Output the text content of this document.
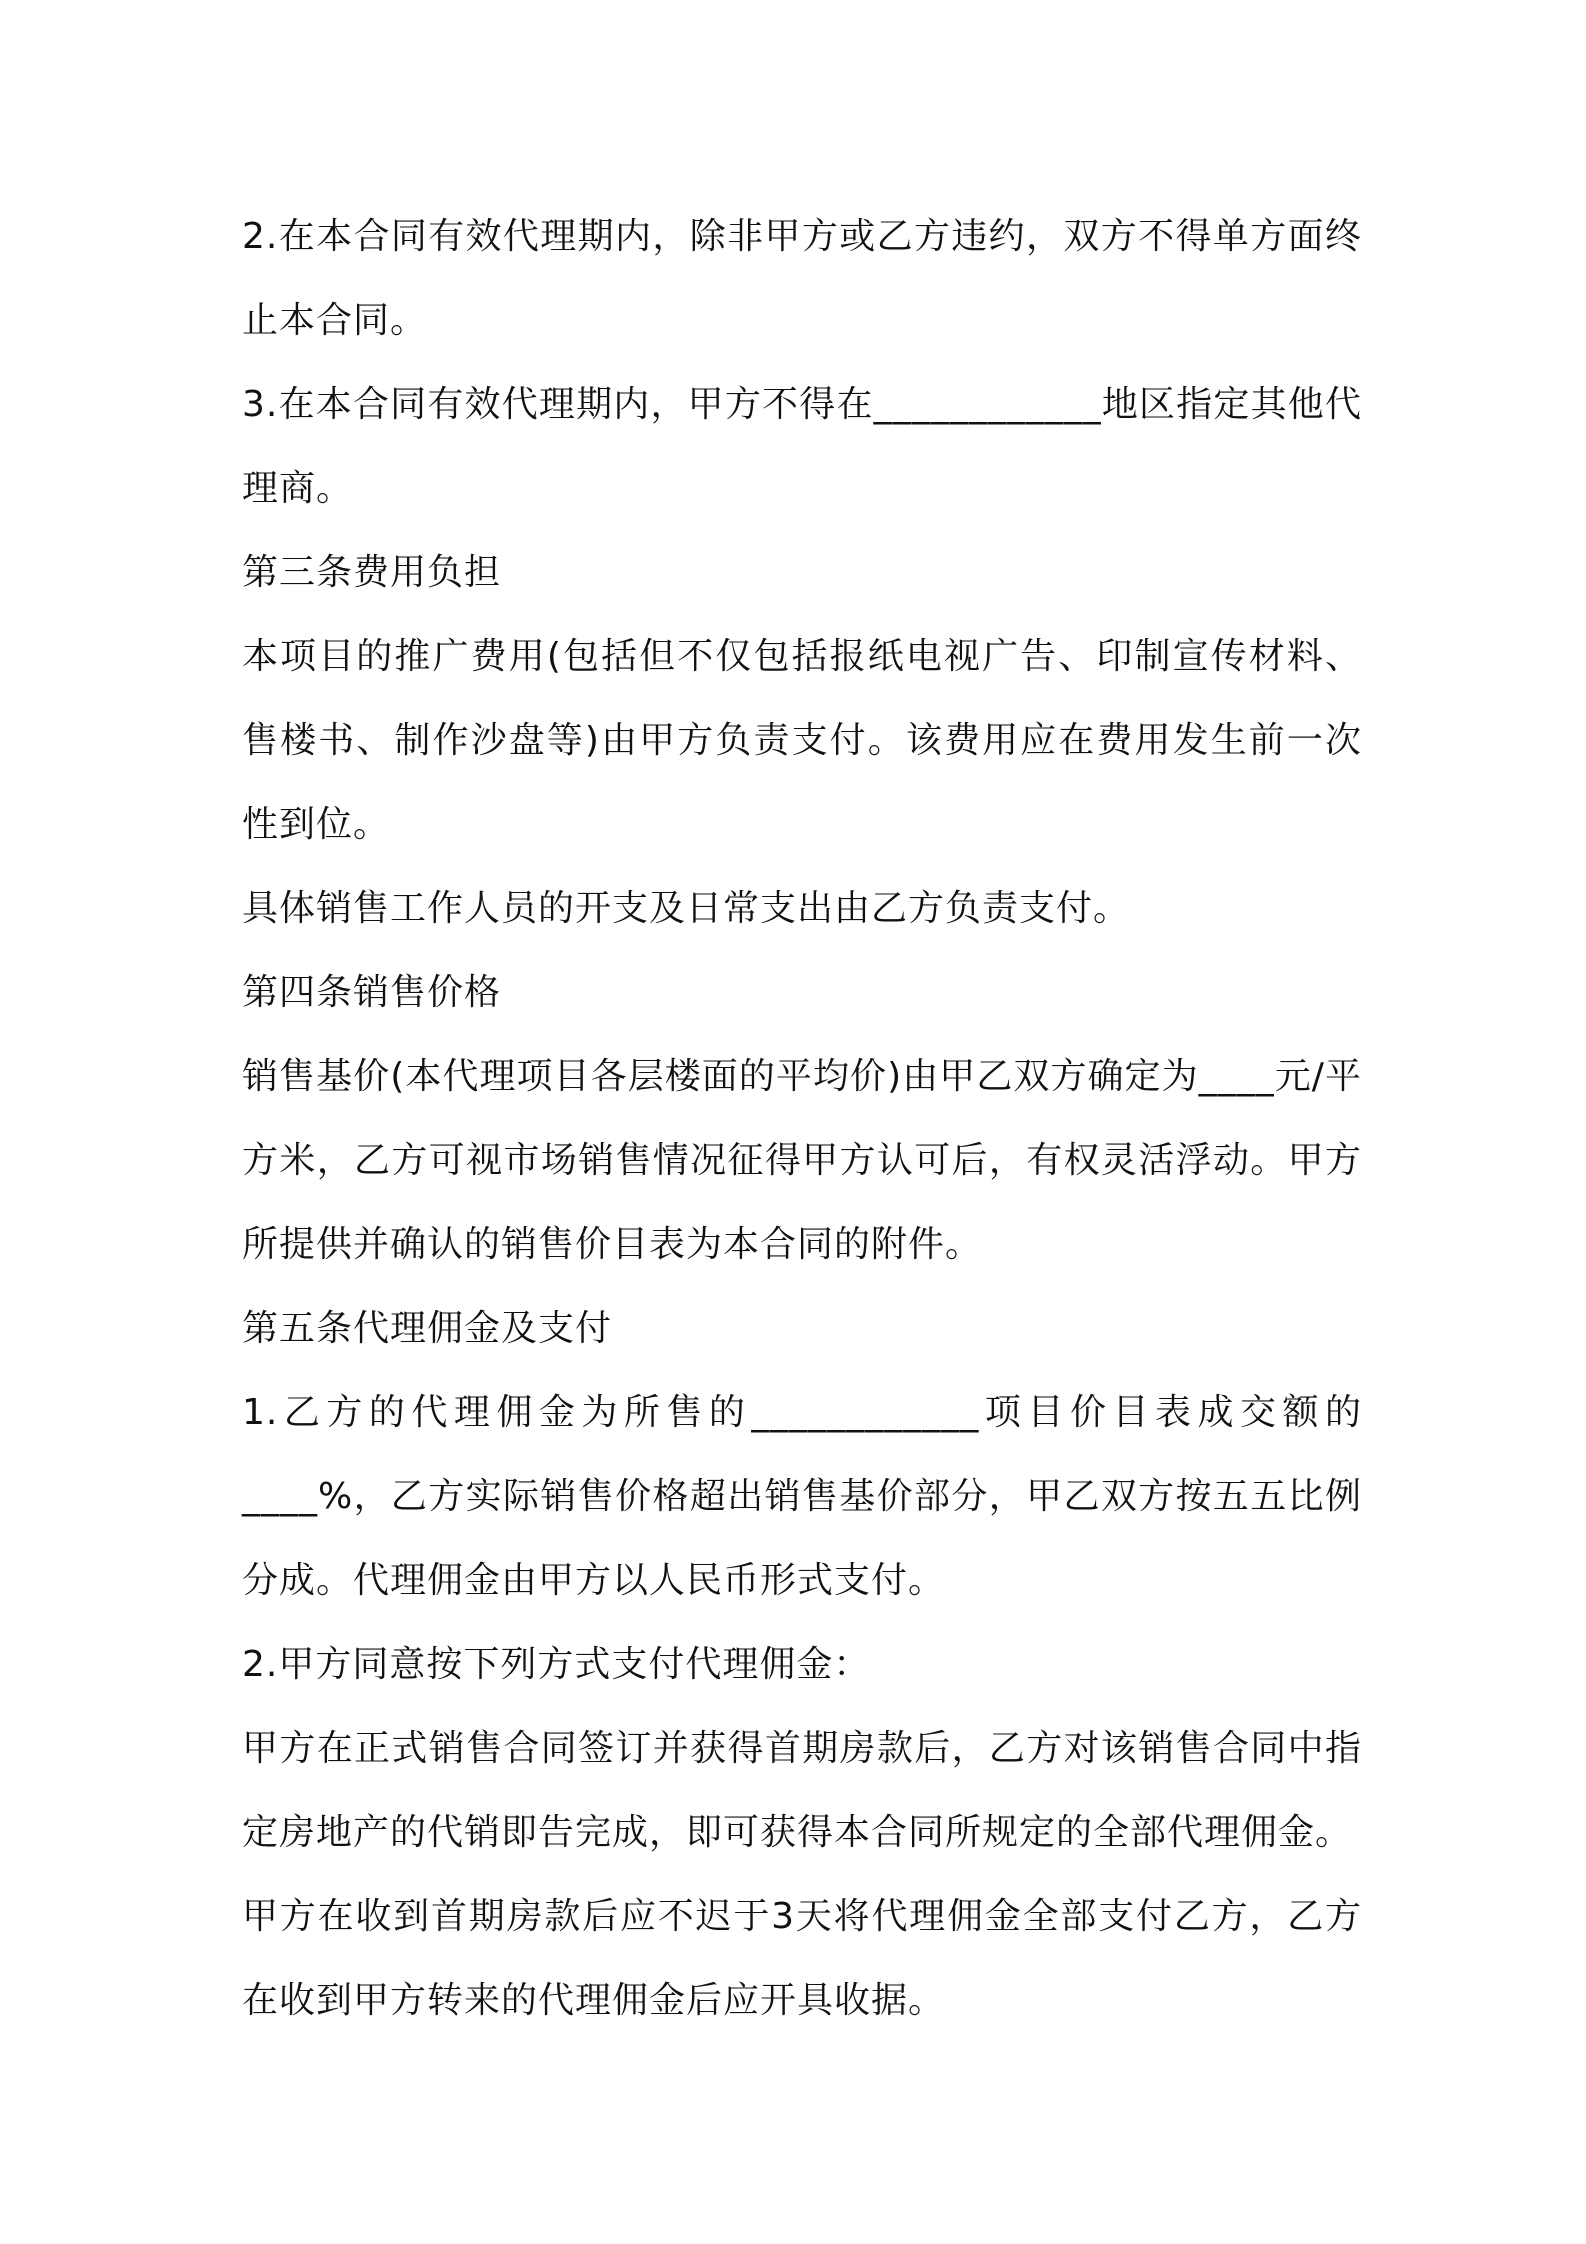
2.在本合同有效代理期内，除非甲方或乙方违约，双方不得单方面终止本合同。

3.在本合同有效代理期内，甲方不得在____________地区指定其他代理商。

第三条费用负担

本项目的推广费用(包括但不仅包括报纸电视广告、印制宣传材料、售楼书、制作沙盘等)由甲方负责支付。该费用应在费用发生前一次性到位。

具体销售工作人员的开支及日常支出由乙方负责支付。

第四条销售价格

销售基价(本代理项目各层楼面的平均价)由甲乙双方确定为____元/平方米，乙方可视市场销售情况征得甲方认可后，有权灵活浮动。甲方所提供并确认的销售价目表为本合同的附件。

第五条代理佣金及支付

1.乙方的代理佣金为所售的____________项目价目表成交额的____%，乙方实际销售价格超出销售基价部分，甲乙双方按五五比例分成。代理佣金由甲方以人民币形式支付。

2.甲方同意按下列方式支付代理佣金：

甲方在正式销售合同签订并获得首期房款后，乙方对该销售合同中指定房地产的代销即告完成，即可获得本合同所规定的全部代理佣金。

甲方在收到首期房款后应不迟于3天将代理佣金全部支付乙方，乙方在收到甲方转来的代理佣金后应开具收据。
